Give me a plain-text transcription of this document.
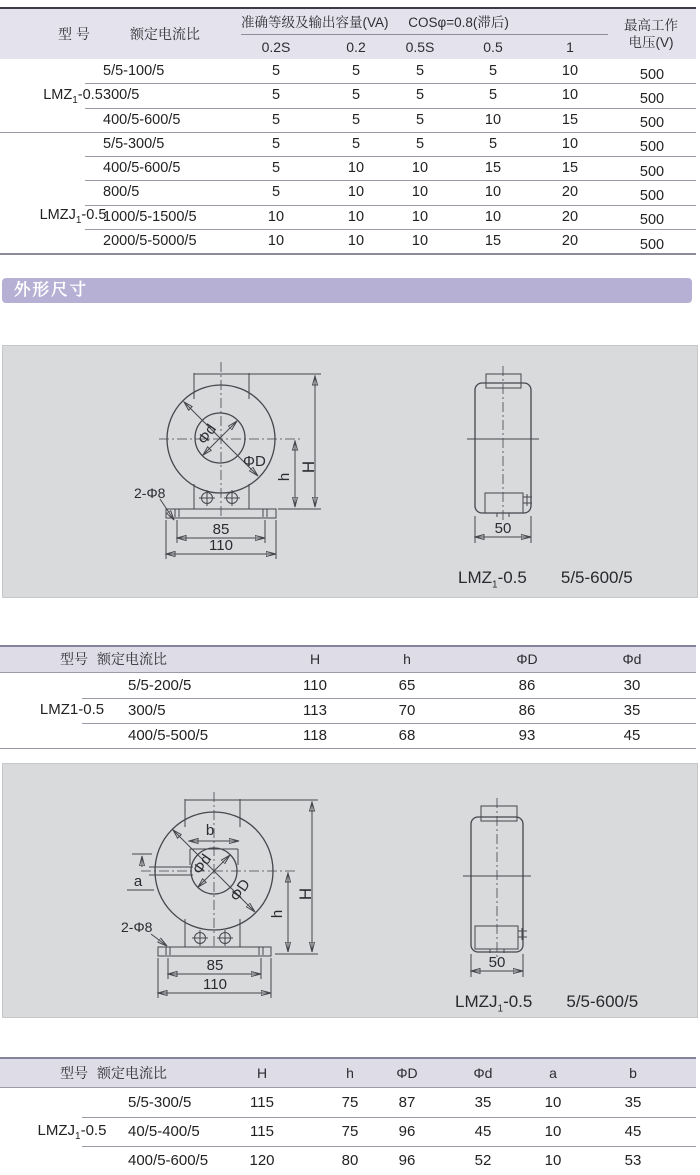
型 号	额定电流比
准确等级及输出容量(VA) COSφ=0.8(滞后)
0.2S	0.2	0.5S	0.5	1
最高工作
电压(V)
5/5-100/5	5	5	5	5	10	500
300/5	5	5	5	5	10	500
400/5-600/5	5	5	5	10	15	500
5/5-300/5	5	5	5	5	10	500
400/5-600/5	5	10	10	15	15	500
800/5	5	10	10	10	20	500
1000/5-1500/5	10	10	10	10	20	500
2000/5-5000/5	10	10	10	15	20	500
$LMZ_1-0.5$
$LMZJ_1-0.5$
外形尺寸
ΦD
Φd
2-Φ8
h
H
85
110
50
$LMZ_1-0.5$ 5/5-600/5
型号 额定电流比	H	h	ΦD	Φd
5/5-200/5	110	65	86	30
300/5	113	70	86	35
400/5-500/5	118	68	93	45
LMZ1-0.5
b
a
Φd
ΦD
h
H
2-Φ8
85
110
50
$LMZJ_1-0.5$ 5/5-600/5
型号 额定电流比	H	h	ΦD	Φd	a	b
5/5-300/5	115	75	87	35	10	35
40/5-400/5	115	75	96	45	10	45
400/5-600/5	120	80	96	52	10	53
$LMZJ_1-0.5$
